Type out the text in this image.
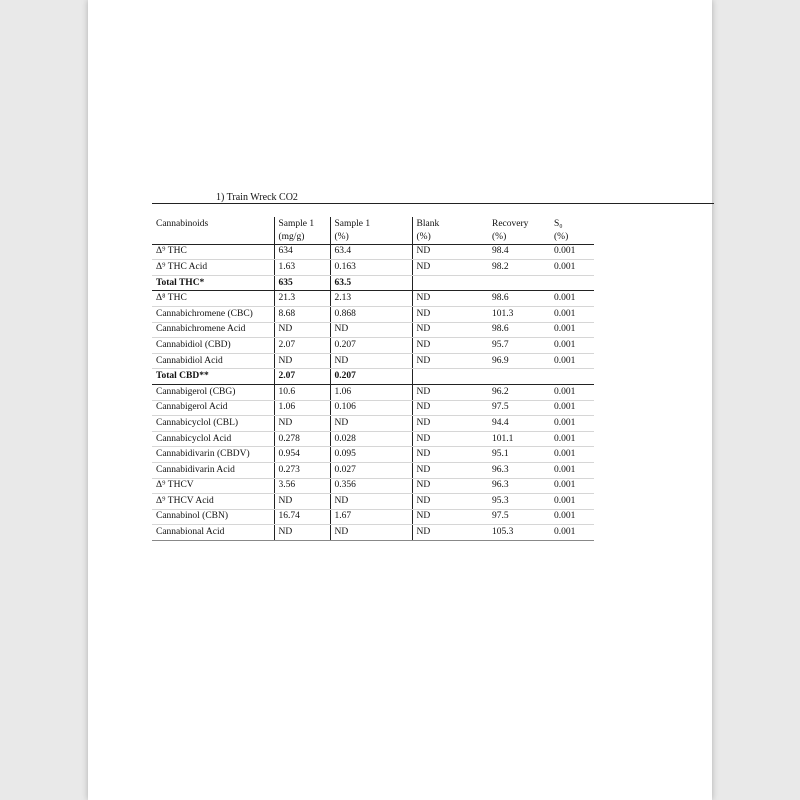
1) Train Wreck CO2
Cannabinoids	Sample 1	Sample 1	Blank	Recovery	S₀
	(mg/g)	(%)	(%)	(%)	(%)
Δ⁹ THC	634	63.4	ND	98.4	0.001
Δ⁹ THC Acid	1.63	0.163	ND	98.2	0.001
Total THC*	635	63.5			
Δ⁸ THC	21.3	2.13	ND	98.6	0.001
Cannabichromene (CBC)	8.68	0.868	ND	101.3	0.001
Cannabichromene Acid	ND	ND	ND	98.6	0.001
Cannabidiol (CBD)	2.07	0.207	ND	95.7	0.001
Cannabidiol Acid	ND	ND	ND	96.9	0.001
Total CBD**	2.07	0.207			
Cannabigerol (CBG)	10.6	1.06	ND	96.2	0.001
Cannabigerol Acid	1.06	0.106	ND	97.5	0.001
Cannabicyclol (CBL)	ND	ND	ND	94.4	0.001
Cannabicyclol Acid	0.278	0.028	ND	101.1	0.001
Cannabidivarin (CBDV)	0.954	0.095	ND	95.1	0.001
Cannabidivarin Acid	0.273	0.027	ND	96.3	0.001
Δ⁹ THCV	3.56	0.356	ND	96.3	0.001
Δ⁹ THCV Acid	ND	ND	ND	95.3	0.001
Cannabinol (CBN)	16.74	1.67	ND	97.5	0.001
Cannabional Acid	ND	ND	ND	105.3	0.001
